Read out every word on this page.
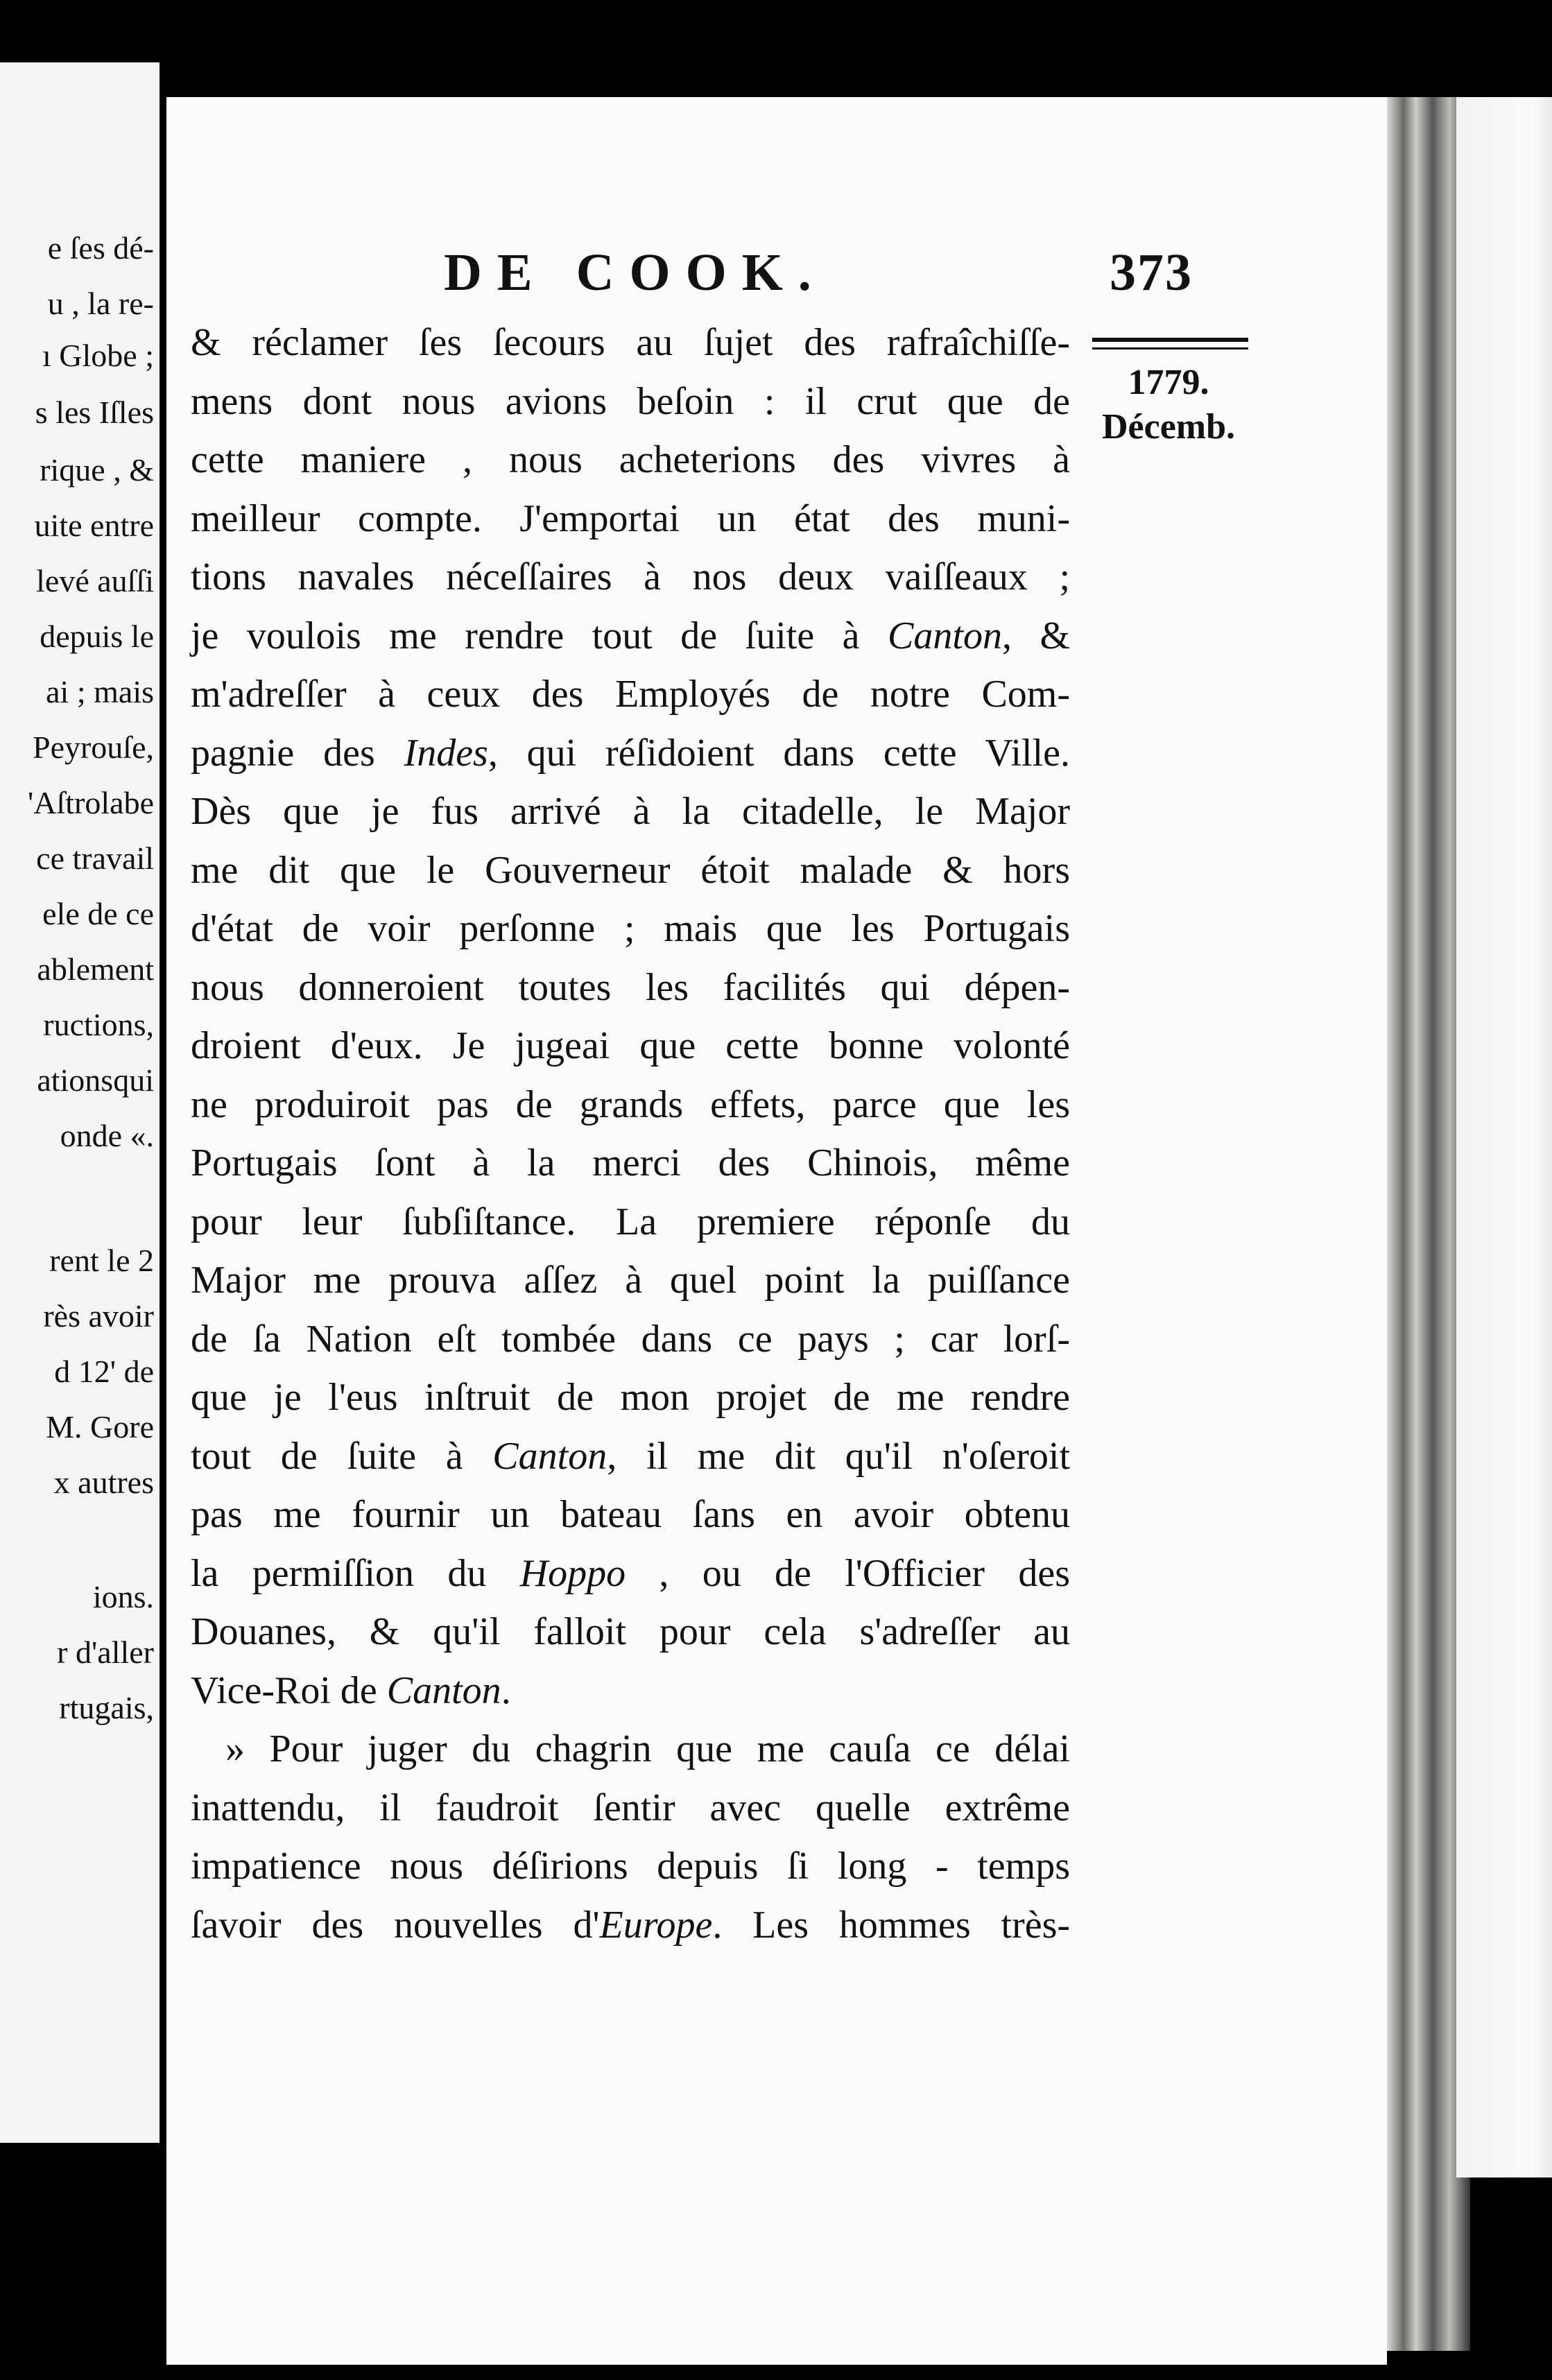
e ſes dé-
u , la re-
ı Globe ;
s les Iſles
rique , &
uite entre
levé auſſi
depuis le
ai ; mais
Peyrouſe,
'Aſtrolabe
ce travail
ele de ce
ablement
ructions,
ationsqui
onde «.
rent le 2
rès avoir
d 12' de
M. Gore
x autres
ions.
r d'aller
rtugais,
DE COOK.	373
1779.
Décemb.
& réclamer ſes ſecours au ſujet des rafraîchiſſe-
mens dont nous avions beſoin : il crut que de
cette maniere , nous acheterions des vivres à
meilleur compte. J'emportai un état des muni-
tions navales néceſſaires à nos deux vaiſſeaux ;
je voulois me rendre tout de ſuite à Canton, &
m'adreſſer à ceux des Employés de notre Com-
pagnie des Indes, qui réſidoient dans cette Ville.
Dès que je fus arrivé à la citadelle, le Major
me dit que le Gouverneur étoit malade & hors
d'état de voir perſonne ; mais que les Portugais
nous donneroient toutes les facilités qui dépen-
droient d'eux. Je jugeai que cette bonne volonté
ne produiroit pas de grands effets, parce que les
Portugais ſont à la merci des Chinois, même
pour leur ſubſiſtance. La premiere réponſe du
Major me prouva aſſez à quel point la puiſſance
de ſa Nation eſt tombée dans ce pays ; car lorſ-
que je l'eus inſtruit de mon projet de me rendre
tout de ſuite à Canton, il me dit qu'il n'oſeroit
pas me fournir un bateau ſans en avoir obtenu
la permiſſion du Hoppo , ou de l'Officier des
Douanes, & qu'il falloit pour cela s'adreſſer au
Vice-Roi de Canton.
» Pour juger du chagrin que me cauſa ce délai
inattendu, il faudroit ſentir avec quelle extrême
impatience nous déſirions depuis ſi long - temps
ſavoir des nouvelles d'Europe. Les hommes très-
